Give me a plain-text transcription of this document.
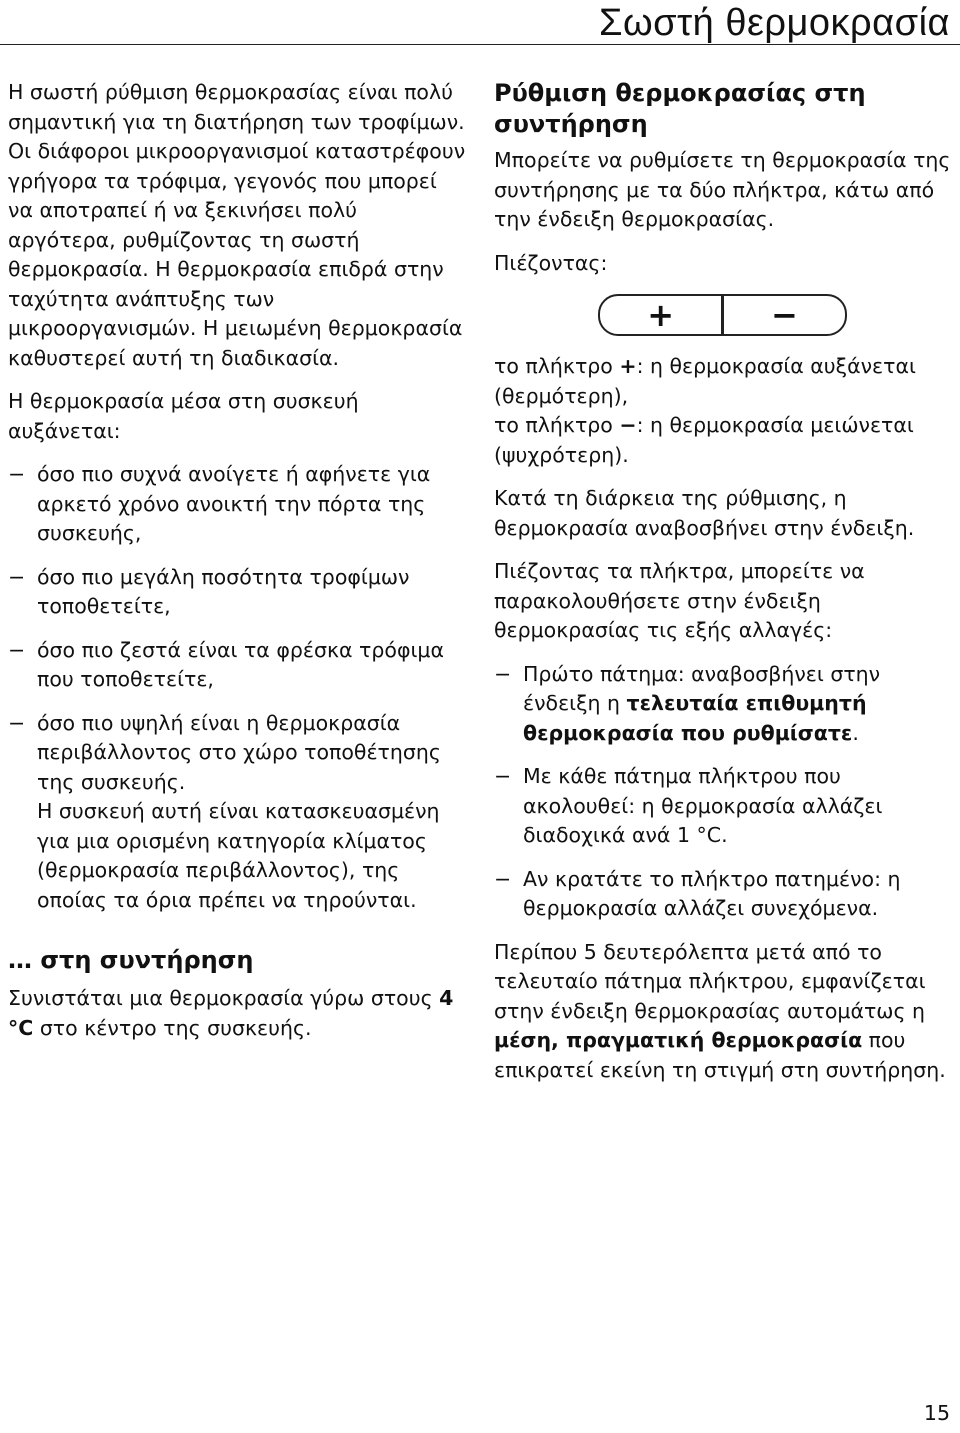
Σωστή θερμοκρασία

Η σωστή ρύθμιση θερμοκρασίας είναι πολύ σημαντική για τη διατήρηση των τροφίμων. Οι διάφοροι μικροοργανισμοί καταστρέφουν γρήγορα τα τρόφιμα, γεγονός που μπορεί να αποτραπεί ή να ξεκινήσει πολύ αργότερα, ρυθμίζοντας τη σωστή θερμοκρασία. Η θερμοκρασία επιδρά στην ταχύτητα ανάπτυξης των μικροοργανισμών. Η μειωμένη θερμοκρασία καθυστερεί αυτή τη διαδικασία.

Η θερμοκρασία μέσα στη συσκευή αυξάνεται:

− όσο πιο συχνά ανοίγετε ή αφήνετε για αρκετό χρόνο ανοικτή την πόρτα της συσκευής,
− όσο πιο μεγάλη ποσότητα τροφίμων τοποθετείτε,
− όσο πιο ζεστά είναι τα φρέσκα τρόφιμα που τοποθετείτε,
− όσο πιο υψηλή είναι η θερμοκρασία περιβάλλοντος στο χώρο τοποθέτησης της συσκευής.
Η συσκευή αυτή είναι κατασκευασμένη για μια ορισμένη κατηγορία κλίματος (θερμοκρασία περιβάλλοντος), της οποίας τα όρια πρέπει να τηρούνται.
… στη συντήρηση

Συνιστάται μια θερμοκρασία γύρω στους 4 °C στο κέντρο της συσκευής.

Ρύθμιση θερμοκρασίας στη συντήρηση

Μπορείτε να ρυθμίσετε τη θερμοκρασία της συντήρησης με τα δύο πλήκτρα, κάτω από την ένδειξη θερμοκρασίας.

Πιέζοντας:

+	−

το πλήκτρο +: η θερμοκρασία αυξάνεται (θερμότερη),

το πλήκτρο −: η θερμοκρασία μειώνεται (ψυχρότερη).

Κατά τη διάρκεια της ρύθμισης, η θερμοκρασία αναβοσβήνει στην ένδειξη.

Πιέζοντας τα πλήκτρα, μπορείτε να παρακολουθήσετε στην ένδειξη θερμοκρασίας τις εξής αλλαγές:

− Πρώτο πάτημα: αναβοσβήνει στην ένδειξη η τελευταία επιθυμητή θερμοκρασία που ρυθμίσατε.
− Με κάθε πάτημα πλήκτρου που ακολουθεί: η θερμοκρασία αλλάζει διαδοχικά ανά 1 °C.
− Αν κρατάτε το πλήκτρο πατημένο: η θερμοκρασία αλλάζει συνεχόμενα.

Περίπου 5 δευτερόλεπτα μετά από το τελευταίο πάτημα πλήκτρου, εμφανίζεται στην ένδειξη θερμοκρασίας αυτομάτως η μέση, πραγματική θερμοκρασία που επικρατεί εκείνη τη στιγμή στη συντήρηση.

15
